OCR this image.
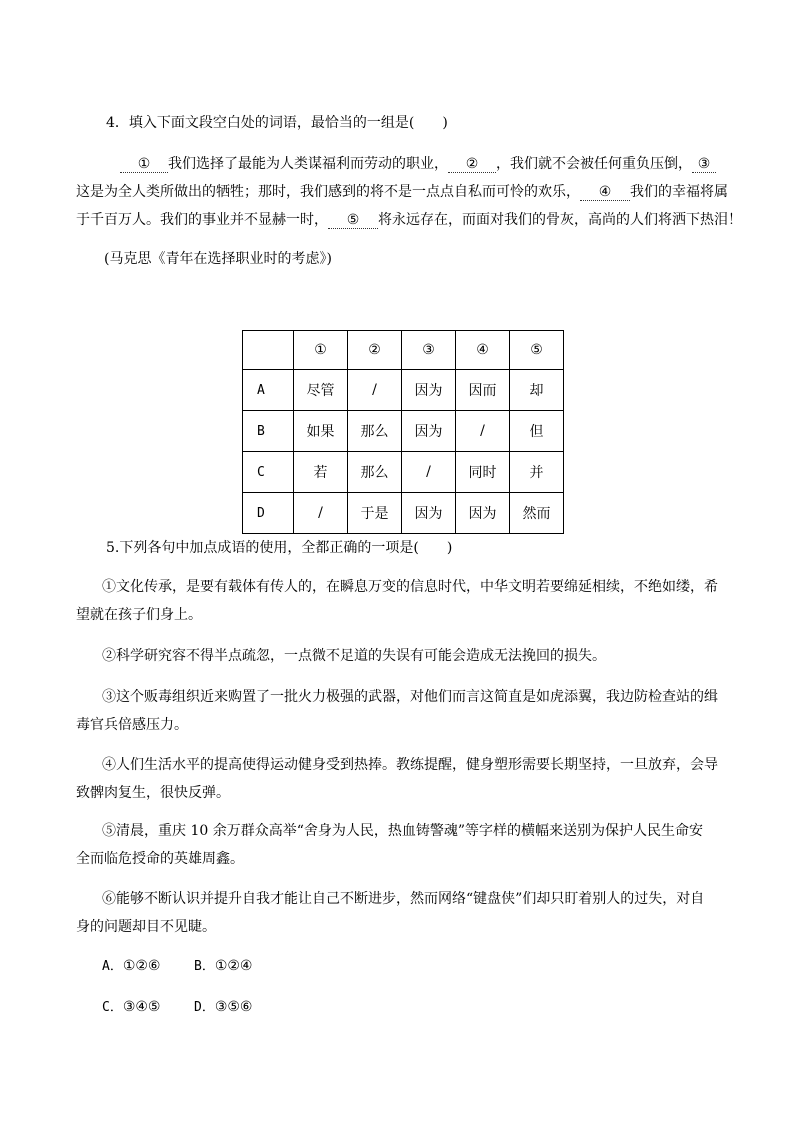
4．填入下面文段空白处的词语，最恰当的一组是(　　)
① 我们选择了最能为人类谋福利而劳动的职业， ② ，我们就不会被任何重负压倒， ③
这是为全人类所做出的牺牲；那时，我们感到的将不是一点点自私而可怜的欢乐， ④ 我们的幸福将属
于千百万人。我们的事业并不显赫一时， ⑤ 将永远存在，而面对我们的骨灰，高尚的人们将洒下热泪！
(马克思《青年在选择职业时的考虑》)
	①	②	③	④	⑤
A	尽管	/	因为	因而	却
B	如果	那么	因为	/	但
C	若	那么	/	同时	并
D	/	于是	因为	因为	然而
5.下列各句中加点成语的使用，全都正确的一项是(　　)
①文化传承，是要有载体有传人的，在瞬息万变的信息时代，中华文明若要绵延相续，不绝如缕，希
望就在孩子们身上。
②科学研究容不得半点疏忽，一点微不足道的失误有可能会造成无法挽回的损失。
③这个贩毒组织近来购置了一批火力极强的武器，对他们而言这简直是如虎添翼，我边防检查站的缉
毒官兵倍感压力。
④人们生活水平的提高使得运动健身受到热捧。教练提醒，健身塑形需要长期坚持，一旦放弃，会导
致髀肉复生，很快反弹。
⑤清晨，重庆 10 余万群众高举“舍身为人民，热血铸警魂”等字样的横幅来送别为保护人民生命安
全而临危授命的英雄周鑫。
⑥能够不断认识并提升自我才能让自己不断进步，然而网络“键盘侠”们却只盯着别人的过失，对自
身的问题却目不见睫。
A．①②⑥	B．①②④
C．③④⑤	D．③⑤⑥
